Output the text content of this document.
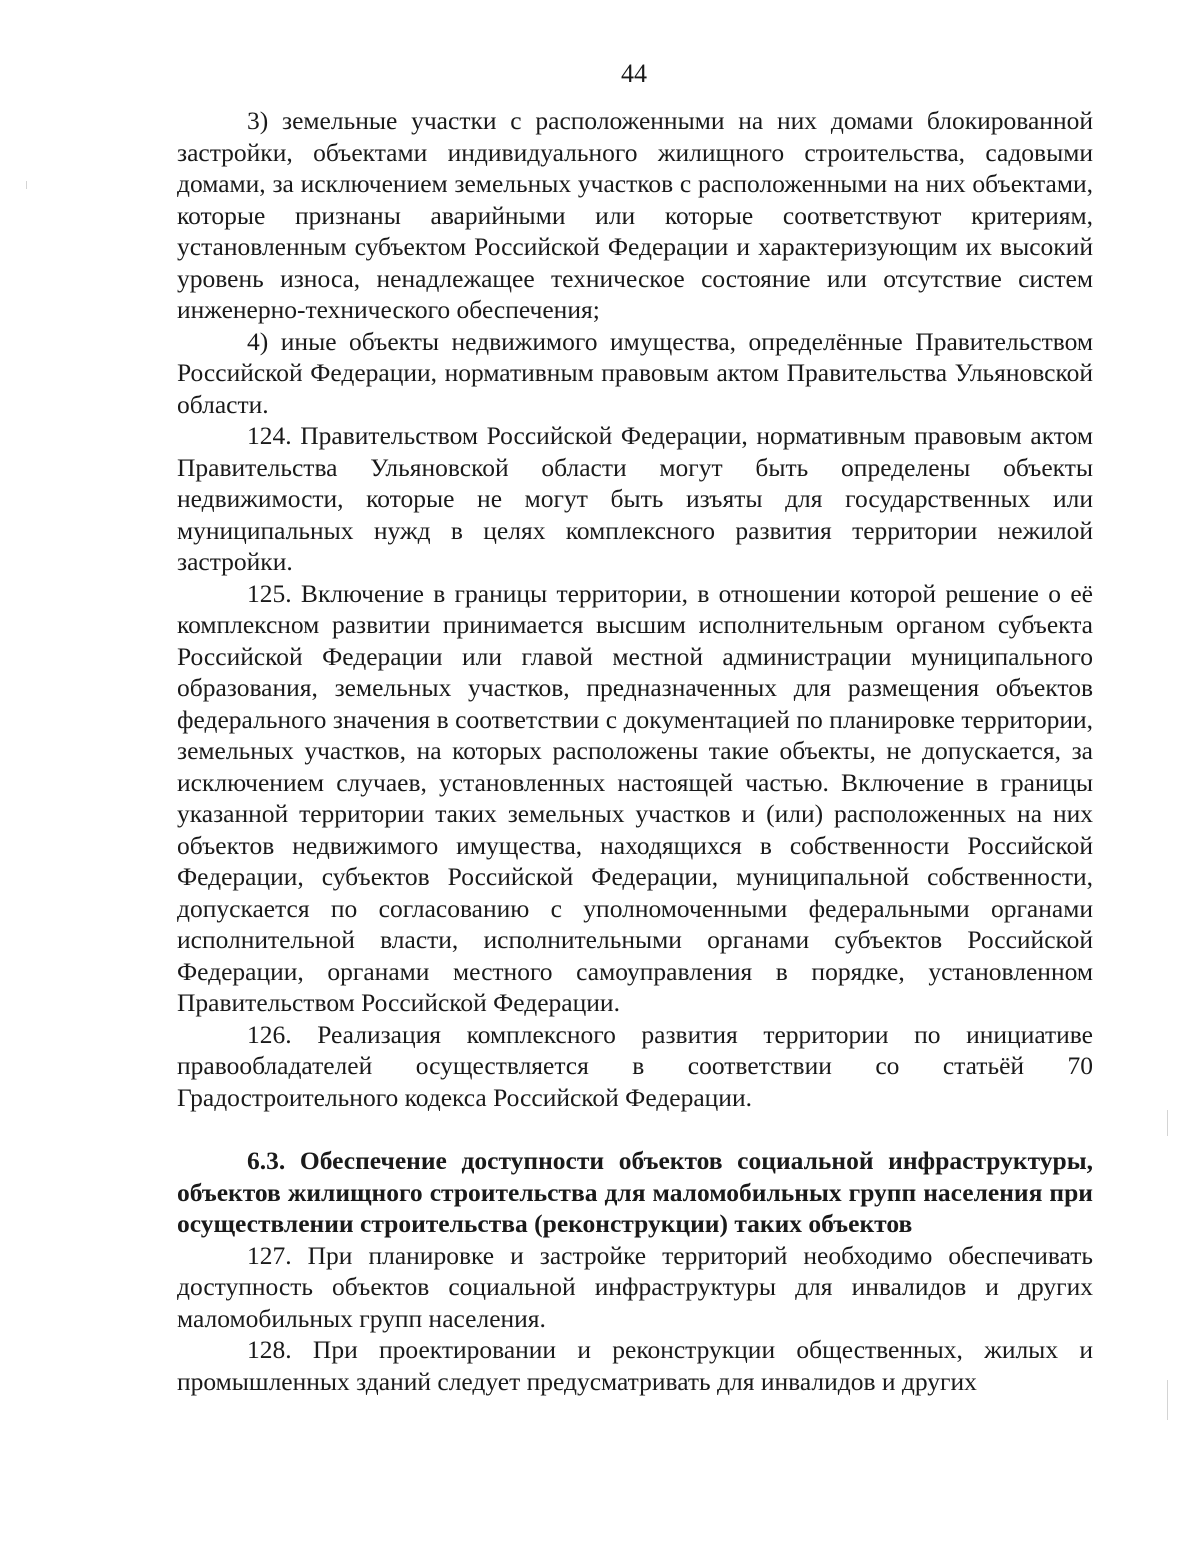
44

3) земельные участки с расположенными на них домами блокированной застройки, объектами индивидуального жилищного строительства, садовыми домами, за исключением земельных участков с расположенными на них объектами, которые признаны аварийными или которые соответствуют критериям, установленным субъектом Российской Федерации и характеризующим их высокий уровень износа, ненадлежащее техническое состояние или отсутствие систем инженерно-технического обеспечения;

4) иные объекты недвижимого имущества, определённые Правительством Российской Федерации, нормативным правовым актом Правительства Ульяновской области.

124. Правительством Российской Федерации, нормативным правовым актом Правительства Ульяновской области могут быть определены объекты недвижимости, которые не могут быть изъяты для государственных или муниципальных нужд в целях комплексного развития территории нежилой застройки.

125. Включение в границы территории, в отношении которой решение о её комплексном развитии принимается высшим исполнительным органом субъекта Российской Федерации или главой местной администрации муниципального образования, земельных участков, предназначенных для размещения объектов федерального значения в соответствии с документацией по планировке территории, земельных участков, на которых расположены такие объекты, не допускается, за исключением случаев, установленных настоящей частью. Включение в границы указанной территории таких земельных участков и (или) расположенных на них объектов недвижимого имущества, находящихся в собственности Российской Федерации, субъектов Российской Федерации, муниципальной собственности, допускается по согласованию с уполномоченными федеральными органами исполнительной власти, исполнительными органами субъектов Российской Федерации, органами местного самоуправления в порядке, установленном Правительством Российской Федерации.

126. Реализация комплексного развития территории по инициативе правообладателей осуществляется в соответствии со статьёй 70 Градостроительного кодекса Российской Федерации.

6.3. Обеспечение доступности объектов социальной инфраструктуры, объектов жилищного строительства для маломобильных групп населения при осуществлении строительства (реконструкции) таких объектов

127. При планировке и застройке территорий необходимо обеспечивать доступность объектов социальной инфраструктуры для инвалидов и других маломобильных групп населения.

128. При проектировании и реконструкции общественных, жилых и промышленных зданий следует предусматривать для инвалидов и других
